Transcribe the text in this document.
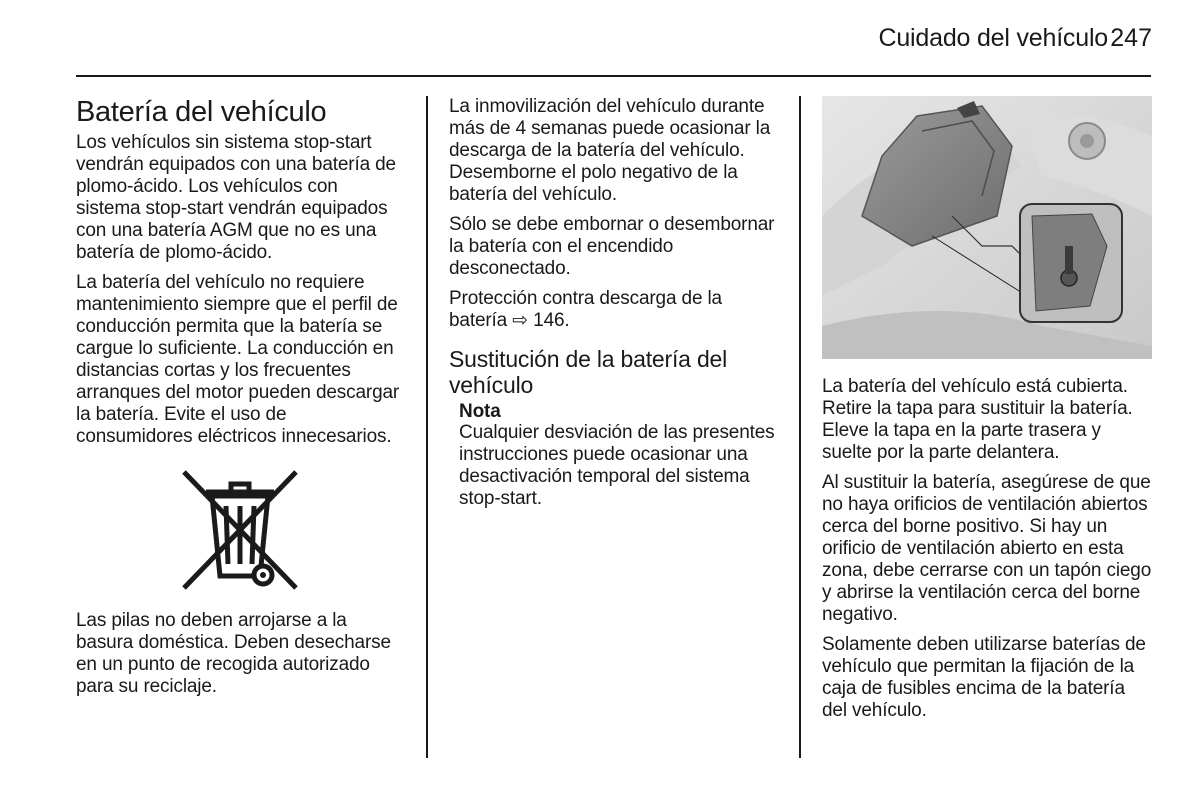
Cuidado del vehículo 247
Batería del vehículo

Los vehículos sin sistema stop-start vendrán equipados con una batería de plomo-ácido. Los vehículos con sistema stop-start vendrán equipados con una batería AGM que no es una batería de plomo-ácido.

La batería del vehículo no requiere mantenimiento siempre que el perfil de conducción permita que la batería se cargue lo suficiente. La conducción en distancias cortas y los frecuentes arranques del motor pueden descargar la batería. Evite el uso de consumidores eléctricos innecesarios.

Las pilas no deben arrojarse a la basura doméstica. Deben desecharse en un punto de recogida autorizado para su reciclaje.

La inmovilización del vehículo durante más de 4 semanas puede ocasionar la descarga de la batería del vehículo. Desemborne el polo negativo de la batería del vehículo.

Sólo se debe embornar o desembornar la batería con el encendido desconectado.

Protección contra descarga de la batería ⇨ 146.

Sustitución de la batería del vehículo
Nota

Cualquier desviación de las presentes instrucciones puede ocasionar una desactivación temporal del sistema stop-start.

La batería del vehículo está cubierta. Retire la tapa para sustituir la batería. Eleve la tapa en la parte trasera y suelte por la parte delantera.

Al sustituir la batería, asegúrese de que no haya orificios de ventilación abiertos cerca del borne positivo. Si hay un orificio de ventilación abierto en esta zona, debe cerrarse con un tapón ciego y abrirse la ventilación cerca del borne negativo.

Solamente deben utilizarse baterías de vehículo que permitan la fijación de la caja de fusibles encima de la batería del vehículo.
